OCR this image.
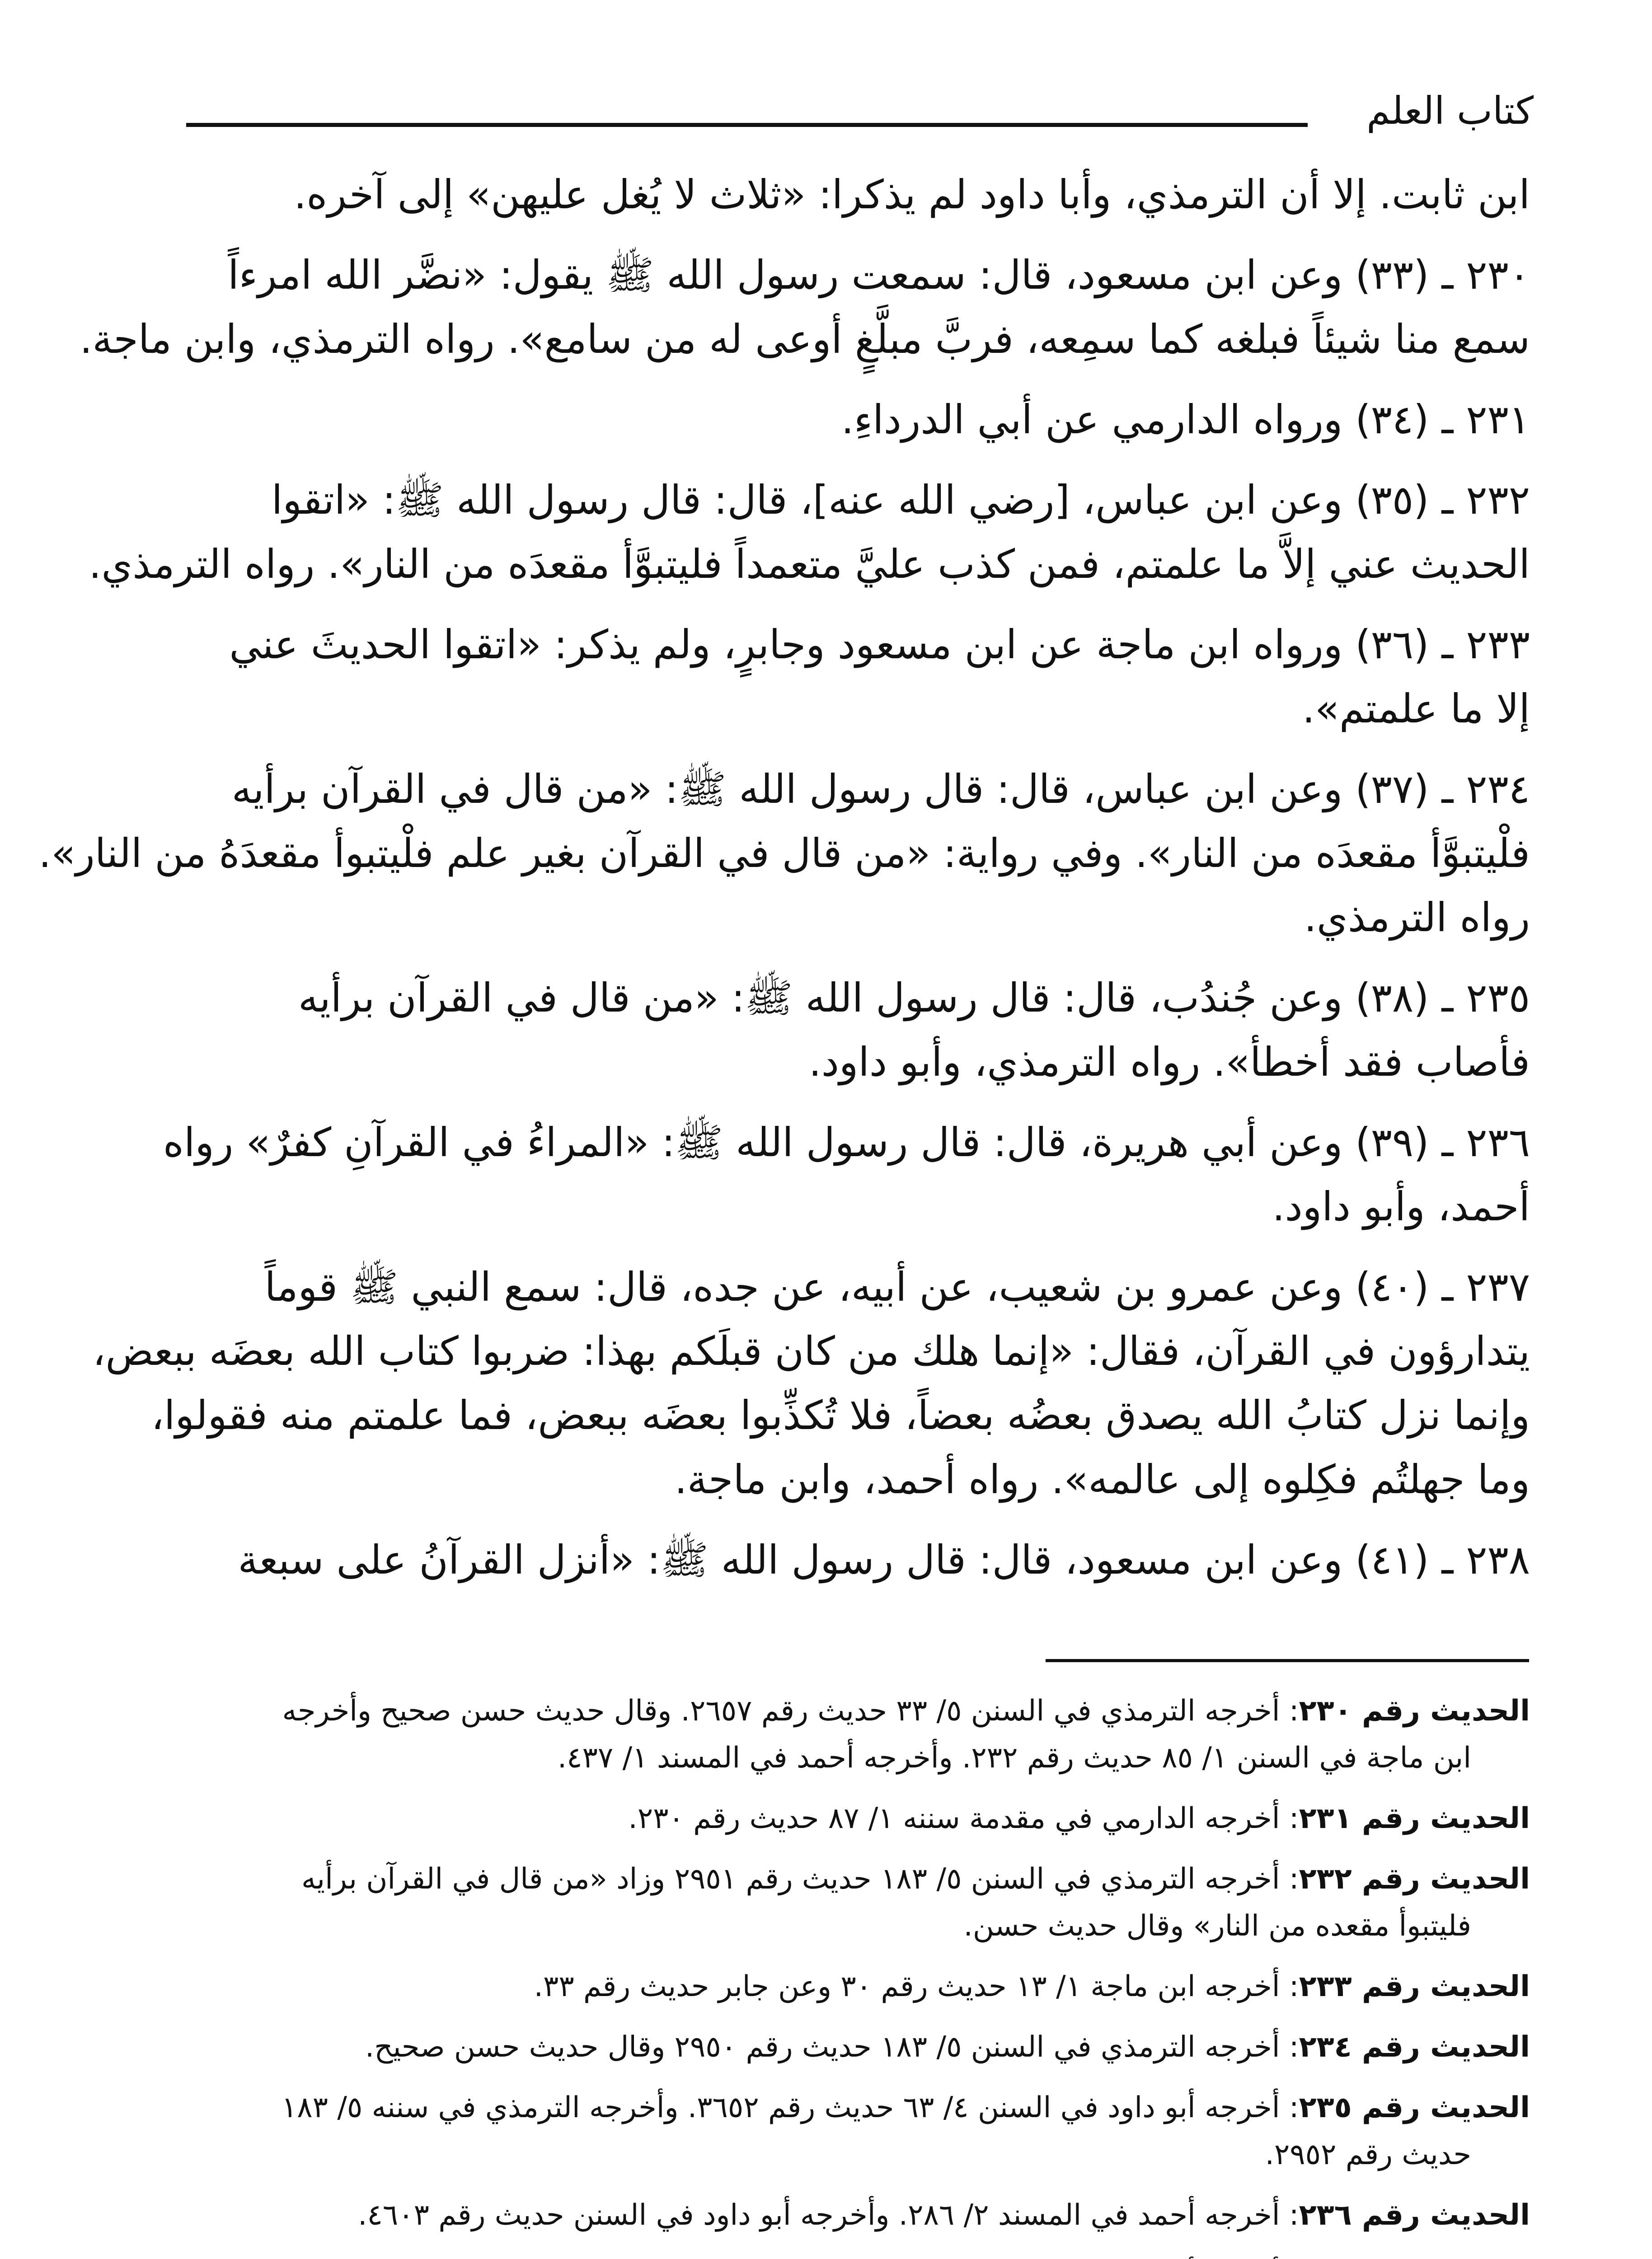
كتاب العلم
ابن ثابت. إلا أن الترمذي، وأبا داود لم يذكرا: «ثلاث لا يُغل عليهن» إلى آخره.
٢٣٠ ـ (٣٣) وعن ابن مسعود، قال: سمعت رسول الله ﷺ يقول: «نضَّر الله امرءاً
سمع منا شيئاً فبلغه كما سمِعه، فربَّ مبلَّغٍ أوعى له من سامع». رواه الترمذي، وابن ماجة.
٢٣١ ـ (٣٤) ورواه الدارمي عن أبي الدرداءِ.
٢٣٢ ـ (٣٥) وعن ابن عباس، [رضي الله عنه]، قال: قال رسول الله ﷺ: «اتقوا
الحديث عني إلاَّ ما علمتم، فمن كذب عليَّ متعمداً فليتبوَّأ مقعدَه من النار». رواه الترمذي.
٢٣٣ ـ (٣٦) ورواه ابن ماجة عن ابن مسعود وجابرٍ، ولم يذكر: «اتقوا الحديثَ عني
إلا ما علمتم».
٢٣٤ ـ (٣٧) وعن ابن عباس، قال: قال رسول الله ﷺ: «من قال في القرآن برأيه
فلْيتبوَّأ مقعدَه من النار». وفي رواية: «من قال في القرآن بغير علم فلْيتبوأ مقعدَهُ من النار».
رواه الترمذي.
٢٣٥ ـ (٣٨) وعن جُندُب، قال: قال رسول الله ﷺ: «من قال في القرآن برأيه
فأصاب فقد أخطأ». رواه الترمذي، وأبو داود.
٢٣٦ ـ (٣٩) وعن أبي هريرة، قال: قال رسول الله ﷺ: «المراءُ في القرآنِ كفرٌ» رواه
أحمد، وأبو داود.
٢٣٧ ـ (٤٠) وعن عمرو بن شعيب، عن أبيه، عن جده، قال: سمع النبي ﷺ قوماً
يتدارؤون في القرآن، فقال: «إنما هلك من كان قبلَكم بهذا: ضربوا كتاب الله بعضَه ببعض،
وإنما نزل كتابُ الله يصدق بعضُه بعضاً، فلا تُكذِّبوا بعضَه ببعض، فما علمتم منه فقولوا،
وما جهلتُم فكِلوه إلى عالمه». رواه أحمد، وابن ماجة.
٢٣٨ ـ (٤١) وعن ابن مسعود، قال: قال رسول الله ﷺ: «أنزل القرآنُ على سبعة
الحديث رقم ٢٣٠: أخرجه الترمذي في السنن ٥/ ٣٣ حديث رقم ٢٦٥٧. وقال حديث حسن صحيح وأخرجه
ابن ماجة في السنن ١/ ٨٥ حديث رقم ٢٣٢. وأخرجه أحمد في المسند ١/ ٤٣٧.
الحديث رقم ٢٣١: أخرجه الدارمي في مقدمة سننه ١/ ٨٧ حديث رقم ٢٣٠.
الحديث رقم ٢٣٢: أخرجه الترمذي في السنن ٥/ ١٨٣ حديث رقم ٢٩٥١ وزاد «من قال في القرآن برأيه
فليتبوأ مقعده من النار» وقال حديث حسن.
الحديث رقم ٢٣٣: أخرجه ابن ماجة ١/ ١٣ حديث رقم ٣٠ وعن جابر حديث رقم ٣٣.
الحديث رقم ٢٣٤: أخرجه الترمذي في السنن ٥/ ١٨٣ حديث رقم ٢٩٥٠ وقال حديث حسن صحيح.
الحديث رقم ٢٣٥: أخرجه أبو داود في السنن ٤/ ٦٣ حديث رقم ٣٦٥٢. وأخرجه الترمذي في سننه ٥/ ١٨٣
حديث رقم ٢٩٥٢.
الحديث رقم ٢٣٦: أخرجه أحمد في المسند ٢/ ٢٨٦. وأخرجه أبو داود في السنن حديث رقم ٤٦٠٣.
